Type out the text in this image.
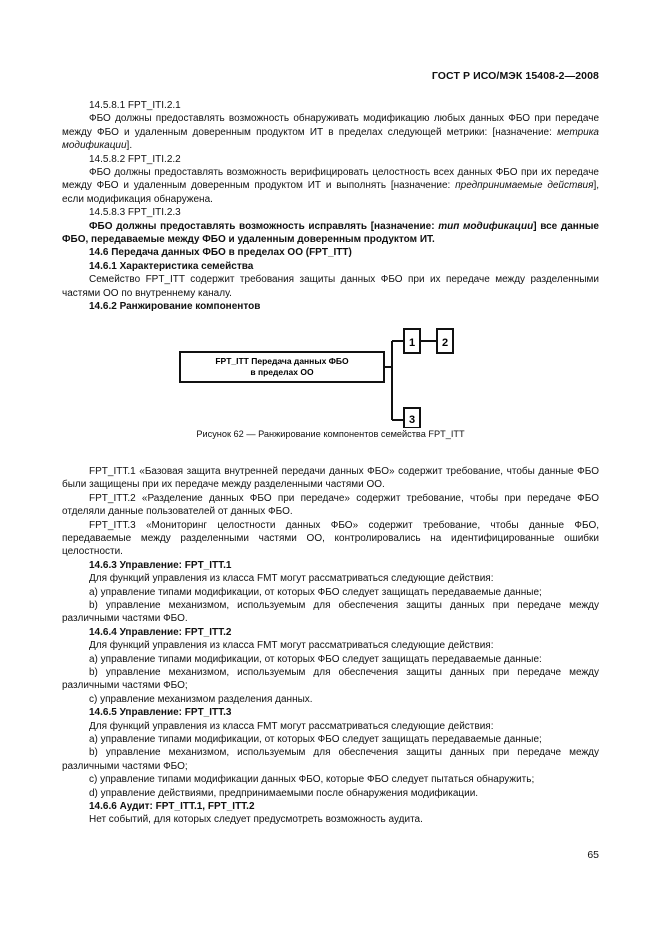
ГОСТ Р ИСО/МЭК 15408-2—2008

14.5.8.1 FPT_ITI.2.1

ФБО должны предоставлять возможность обнаруживать модификацию любых данных ФБО при передаче между ФБО и удаленным доверенным продуктом ИТ в пределах следующей метрики: [назначение: метрика модификации].

14.5.8.2 FPT_ITI.2.2

ФБО должны предоставлять возможность верифицировать целостность всех данных ФБО при их передаче между ФБО и удаленным доверенным продуктом ИТ и выполнять [назначение: предпринимаемые действия], если модификация обнаружена.

14.5.8.3 FPT_ITI.2.3

ФБО должны предоставлять возможность исправлять [назначение: тип модификации] все данные ФБО, передаваемые между ФБО и удаленным доверенным продуктом ИТ.

14.6 Передача данных ФБО в пределах ОО (FPT_ITT)

14.6.1 Характеристика семейства

Семейство FPT_ITT содержит требования защиты данных ФБО при их передаче между разделенными частями ОО по внутреннему каналу.

14.6.2 Ранжирование компонентов

FPT_ITT Передача данных ФБО
в пределах ОО
1 2
3
Рисунок 62 — Ранжирование компонентов семейства FPT_ITT

FPT_ITT.1 «Базовая защита внутренней передачи данных ФБО» содержит требование, чтобы данные ФБО были защищены при их передаче между разделенными частями ОО.

FPT_ITT.2 «Разделение данных ФБО при передаче» содержит требование, чтобы при передаче ФБО отделяли данные пользователей от данных ФБО.

FPT_ITT.3 «Мониторинг целостности данных ФБО» содержит требование, чтобы данные ФБО, передаваемые между разделенными частями ОО, контролировались на идентифицированные ошибки целостности.

14.6.3 Управление: FPT_ITT.1

Для функций управления из класса FMT могут рассматриваться следующие действия:

a) управление типами модификации, от которых ФБО следует защищать передаваемые данные;

b) управление механизмом, используемым для обеспечения защиты данных при передаче между различными частями ФБО.

14.6.4 Управление: FPT_ITT.2

Для функций управления из класса FMT могут рассматриваться следующие действия:

a) управление типами модификации, от которых ФБО следует защищать передаваемые данные:

b) управление механизмом, используемым для обеспечения защиты данных при передаче между различными частями ФБО;

c) управление механизмом разделения данных.

14.6.5 Управление: FPT_ITT.3

Для функций управления из класса FMT могут рассматриваться следующие действия:

a) управление типами модификации, от которых ФБО следует защищать передаваемые данные;

b) управление механизмом, используемым для обеспечения защиты данных при передаче между различными частями ФБО;

c) управление типами модификации данных ФБО, которые ФБО следует пытаться обнаружить;

d) управление действиями, предпринимаемыми после обнаружения модификации.

14.6.6 Аудит: FPT_ITT.1, FPT_ITT.2

Нет событий, для которых следует предусмотреть возможность аудита.

65
